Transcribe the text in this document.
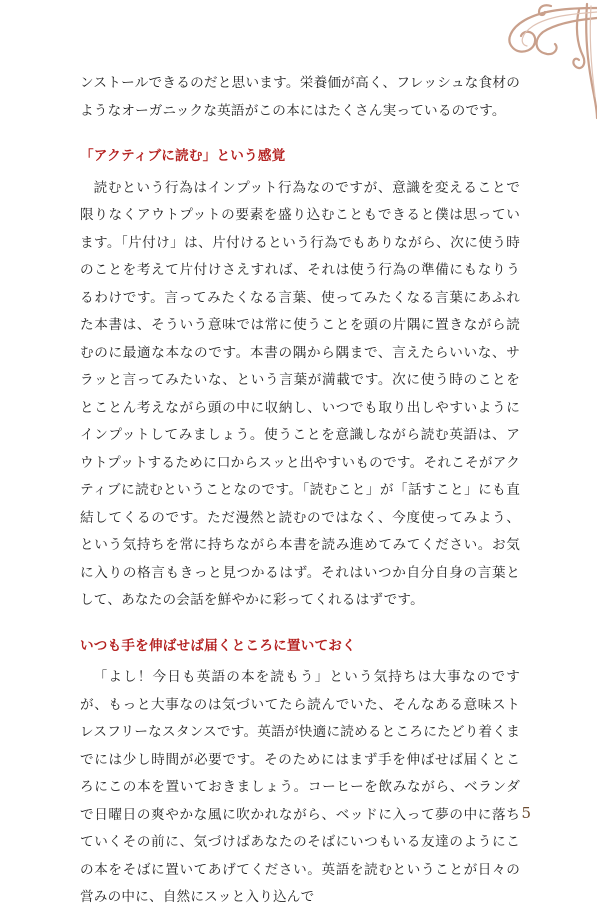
ンストールできるのだと思います。栄養価が高く、フレッシュな食材のようなオーガニックな英語がこの本にはたくさん実っているのです。

「アクティブに読む」という感覚

読むという行為はインプット行為なのですが、意識を変えることで限りなくアウトプットの要素を盛り込むこともできると僕は思っています。「片付け」は、片付けるという行為でもありながら、次に使う時のことを考えて片付けさえすれば、それは使う行為の準備にもなりうるわけです。言ってみたくなる言葉、使ってみたくなる言葉にあふれた本書は、そういう意味では常に使うことを頭の片隅に置きながら読むのに最適な本なのです。本書の隅から隅まで、言えたらいいな、サラッと言ってみたいな、という言葉が満載です。次に使う時のことをとことん考えながら頭の中に収納し、いつでも取り出しやすいようにインプットしてみましょう。使うことを意識しながら読む英語は、アウトプットするために口からスッと出やすいものです。それこそがアクティブに読むということなのです。「読むこと」が「話すこと」にも直結してくるのです。ただ漫然と読むのではなく、今度使ってみよう、という気持ちを常に持ちながら本書を読み進めてみてください。お気に入りの格言もきっと見つかるはず。それはいつか自分自身の言葉として、あなたの会話を鮮やかに彩ってくれるはずです。

いつも手を伸ばせば届くところに置いておく

「よし！今日も英語の本を読もう」という気持ちは大事なのですが、もっと大事なのは気づいてたら読んでいた、そんなある意味ストレスフリーなスタンスです。英語が快適に読めるところにたどり着くまでには少し時間が必要です。そのためにはまず手を伸ばせば届くところにこの本を置いておきましょう。コーヒーを飲みながら、ベランダで日曜日の爽やかな風に吹かれながら、ベッドに入って夢の中に落ちていくその前に、気づけばあなたのそばにいつもいる友達のようにこの本をそばに置いてあげてください。英語を読むということが日々の営みの中に、自然にスッと入り込んで

5
